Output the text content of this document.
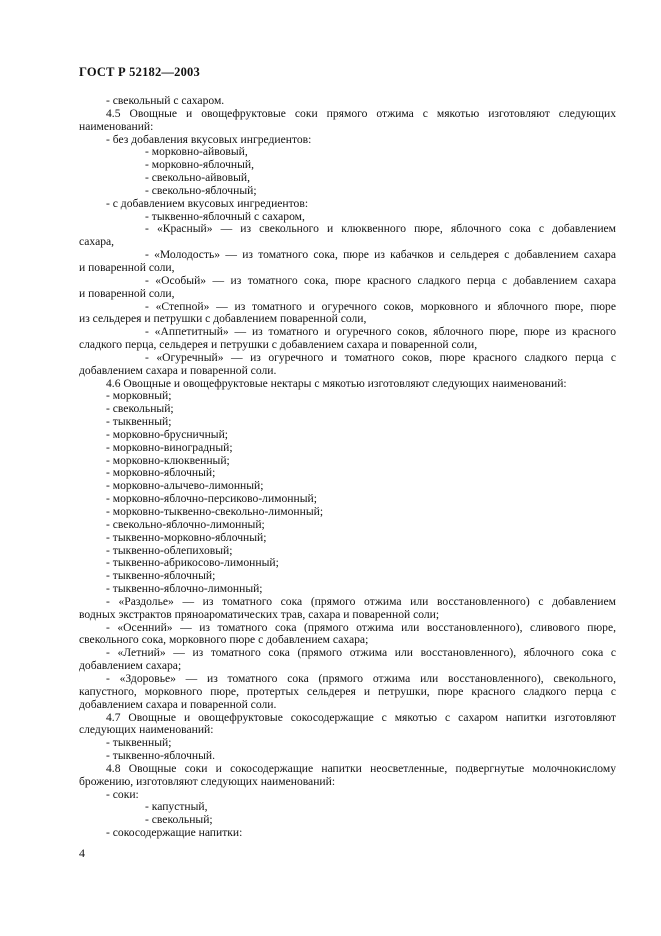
ГОСТ Р 52182—2003
- свекольный с сахаром.
4.5 Овощные и овощефруктовые соки прямого отжима с мякотью изготовляют следующих
наименований:
- без добавления вкусовых ингредиентов:
- морковно-айвовый,
- морковно-яблочный,
- свекольно-айвовый,
- свекольно-яблочный;
- с добавлением вкусовых ингредиентов:
- тыквенно-яблочный с сахаром,
- «Красный» — из свекольного и клюквенного пюре, яблочного сока с добавлением
сахара,
- «Молодость» — из томатного сока, пюре из кабачков и сельдерея с добавлением сахара
и поваренной соли,
- «Особый» — из томатного сока, пюре красного сладкого перца с добавлением сахара
и поваренной соли,
- «Степной» — из томатного и огуречного соков, морковного и яблочного пюре, пюре
из сельдерея и петрушки с добавлением поваренной соли,
- «Аппетитный» — из томатного и огуречного соков, яблочного пюре, пюре из красного
сладкого перца, сельдерея и петрушки с добавлением сахара и поваренной соли,
- «Огуречный» — из огуречного и томатного соков, пюре красного сладкого перца с
добавлением сахара и поваренной соли.
4.6 Овощные и овощефруктовые нектары с мякотью изготовляют следующих наименований:
- морковный;
- свекольный;
- тыквенный;
- морковно-брусничный;
- морковно-виноградный;
- морковно-клюквенный;
- морковно-яблочный;
- морковно-алычево-лимонный;
- морковно-яблочно-персиково-лимонный;
- морковно-тыквенно-свекольно-лимонный;
- свекольно-яблочно-лимонный;
- тыквенно-морковно-яблочный;
- тыквенно-облепиховый;
- тыквенно-абрикосово-лимонный;
- тыквенно-яблочный;
- тыквенно-яблочно-лимонный;
- «Раздолье» — из томатного сока (прямого отжима или восстановленного) с добавлением
водных экстрактов пряноароматических трав, сахара и поваренной соли;
- «Осенний» — из томатного сока (прямого отжима или восстановленного), сливового пюре,
свекольного сока, морковного пюре с добавлением сахара;
- «Летний» — из томатного сока (прямого отжима или восстановленного), яблочного сока с
добавлением сахара;
- «Здоровье» — из томатного сока (прямого отжима или восстановленного), свекольного,
капустного, морковного пюре, протертых сельдерея и петрушки, пюре красного сладкого перца с
добавлением сахара и поваренной соли.
4.7 Овощные и овощефруктовые сокосодержащие с мякотью с сахаром напитки изготовляют
следующих наименований:
- тыквенный;
- тыквенно-яблочный.
4.8 Овощные соки и сокосодержащие напитки неосветленные, подвергнутые молочнокислому
брожению, изготовляют следующих наименований:
- соки:
- капустный,
- свекольный;
- сокосодержащие напитки:
4
